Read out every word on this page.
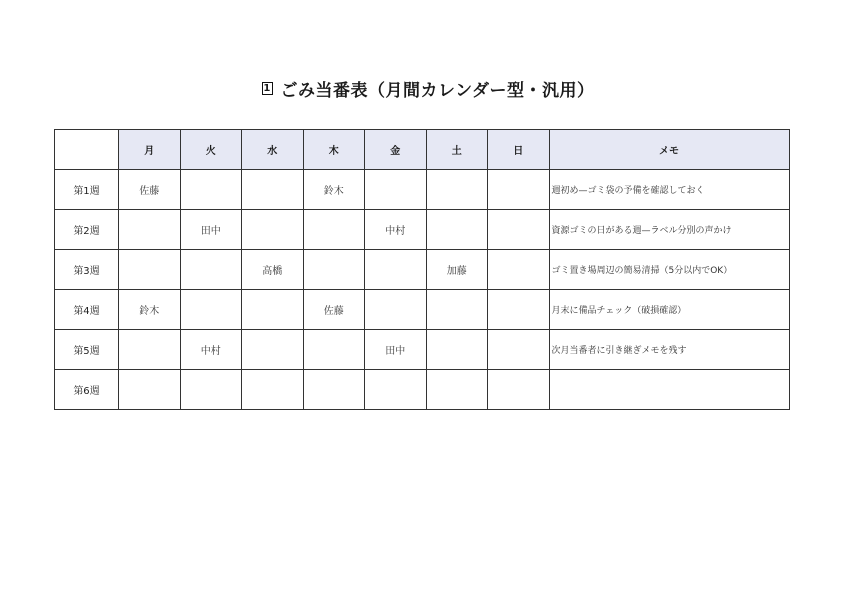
1 ごみ当番表（月間カレンダー型・汎用）
	月	火	水	木	金	土	日	メモ
第1週	佐藤			鈴木				週初め—ゴミ袋の予備を確認しておく
第2週		田中			中村			資源ゴミの日がある週—ラベル分別の声かけ
第3週			高橋			加藤		ゴミ置き場周辺の簡易清掃（5分以内でOK）
第4週	鈴木			佐藤				月末に備品チェック（破損確認）
第5週		中村			田中			次月当番者に引き継ぎメモを残す
第6週								
